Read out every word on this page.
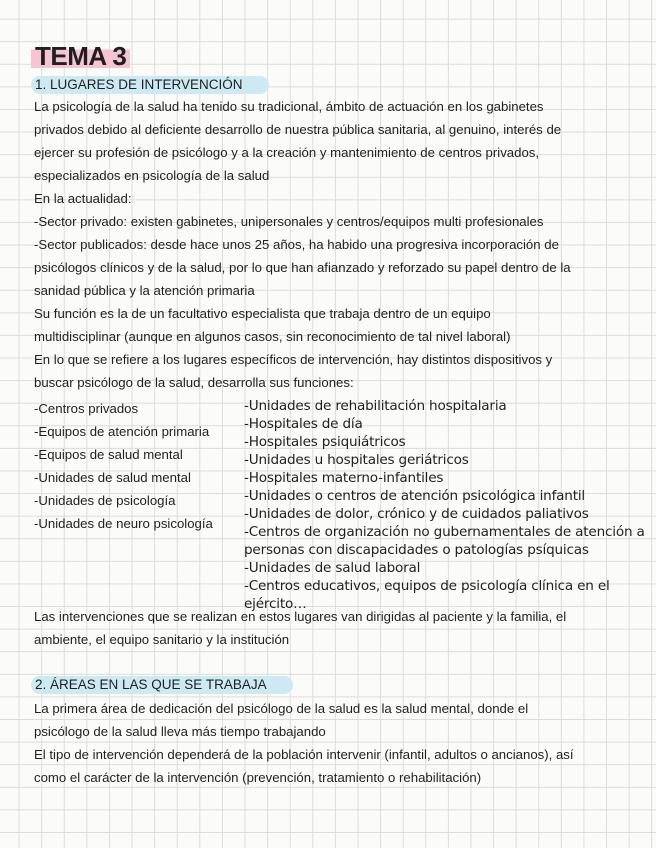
TEMA 3
1. LUGARES DE INTERVENCIÓN
La psicología de la salud ha tenido su tradicional, ámbito de actuación en los gabinetes
privados debido al deficiente desarrollo de nuestra pública sanitaria, al genuino, interés de
ejercer su profesión de psicólogo y a la creación y mantenimiento de centros privados,
especializados en psicología de la salud
En la actualidad:
-Sector privado: existen gabinetes, unipersonales y centros/equipos multi profesionales
-Sector publicados: desde hace unos 25 años, ha habido una progresiva incorporación de
psicólogos clínicos y de la salud, por lo que han afianzado y reforzado su papel dentro de la
sanidad pública y la atención primaria
Su función es la de un facultativo especialista que trabaja dentro de un equipo
multidisciplinar (aunque en algunos casos, sin reconocimiento de tal nivel laboral)
En lo que se refiere a los lugares específicos de intervención, hay distintos dispositivos y
buscar psicólogo de la salud, desarrolla sus funciones:
-Centros privados
-Equipos de atención primaria
-Equipos de salud mental
-Unidades de salud mental
-Unidades de psicología
-Unidades de neuro psicología
-Unidades de rehabilitación hospitalaria
-Hospitales de día
-Hospitales psiquiátricos
-Unidades u hospitales geriátricos
-Hospitales materno-infantiles
-Unidades o centros de atención psicológica infantil
-Unidades de dolor, crónico y de cuidados paliativos
-Centros de organización no gubernamentales de atención a personas con discapacidades o patologías psíquicas
-Unidades de salud laboral
-Centros educativos, equipos de psicología clínica en el ejército…
Las intervenciones que se realizan en estos lugares van dirigidas al paciente y la familia, el
ambiente, el equipo sanitario y la institución
2. ÁREAS EN LAS QUE SE TRABAJA
La primera área de dedicación del psicólogo de la salud es la salud mental, donde el
psicólogo de la salud lleva más tiempo trabajando
El tipo de intervención dependerá de la población intervenir (infantil, adultos o ancianos), así
como el carácter de la intervención (prevención, tratamiento o rehabilitación)
